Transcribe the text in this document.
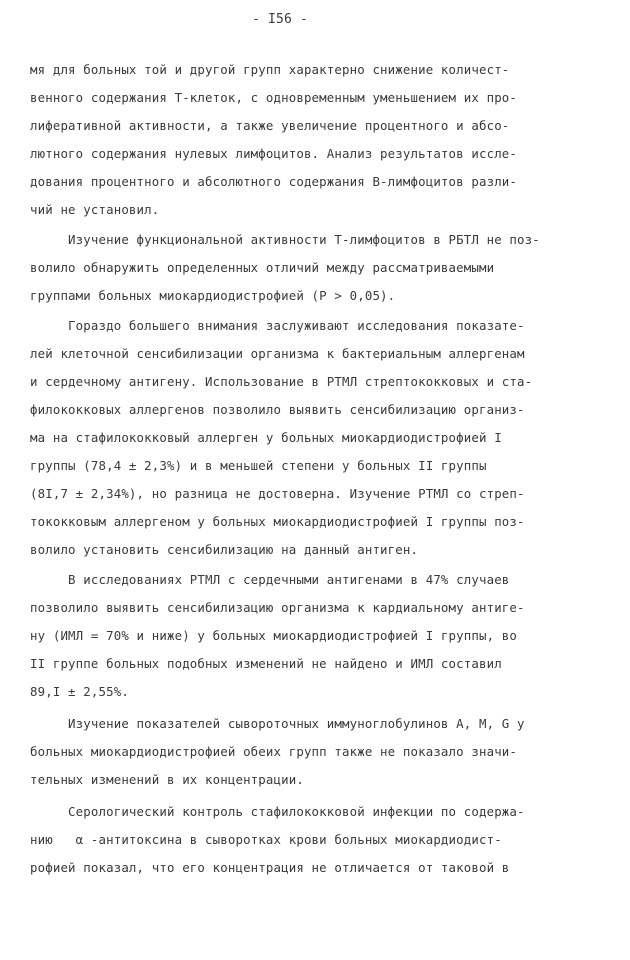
- I56 -
мя для больных той и другой групп характерно снижение количест-
венного содержания Т-клеток, с одновременным уменьшением их про-
лиферативной активности, а также увеличение процентного и абсо-
лютного содержания нулевых лимфоцитов. Анализ результатов иссле-
дования процентного и абсолютного содержания В-лимфоцитов разли-
чий не установил.
Изучение функциональной активности Т-лимфоцитов в РБТЛ не поз-
волило обнаружить определенных отличий между рассматриваемыми
группами больных миокардиодистрофией (P > 0,05).
Гораздо большего внимания заслуживают исследования показате-
лей клеточной сенсибилизации организма к бактериальным аллергенам
и сердечному антигену. Использование в РТМЛ стрептококковых и ста-
филококковых аллергенов позволило выявить сенсибилизацию организ-
ма на стафилококковый аллерген у больных миокардиодистрофией I
группы (78,4 ± 2,3%) и в меньшей степени у больных II группы
(8I,7 ± 2,34%), но разница не достоверна. Изучение РТМЛ со стреп-
тококковым аллергеном у больных миокардиодистрофией I группы поз-
волило установить сенсибилизацию на данный антиген.
В исследованиях РТМЛ с сердечными антигенами в 47% случаев
позволило выявить сенсибилизацию организма к кардиальному антиге-
ну (ИМЛ = 70% и ниже) у больных миокардиодистрофией I группы, во
II группе больных подобных изменений не найдено и ИМЛ составил
89,I ± 2,55%.
Изучение показателей сывороточных иммуноглобулинов А, М, G у
больных миокардиодистрофией обеих групп также не показало значи-
тельных изменений в их концентрации.
Серологический контроль стафилококковой инфекции по содержа-
нию   α -антитоксина в сыворотках крови больных миокардиодист-
рофией показал, что его концентрация не отличается от таковой в
